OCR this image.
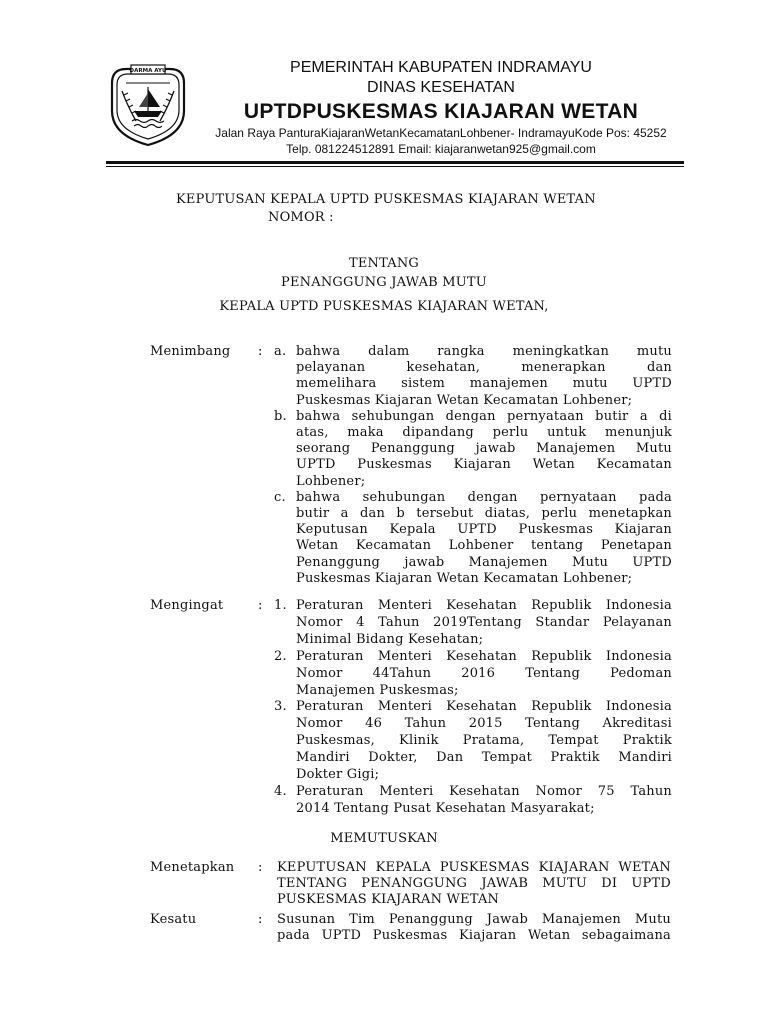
DARMA AYU	PEMERINTAH KABUPATEN INDRAMAYU
DINAS KESEHATAN
UPTDPUSKESMAS KIAJARAN WETAN
Jalan Raya PanturaKiajaranWetanKecamatanLohbener- IndramayuKode Pos: 45252
Telp. 081224512891 Email: kiajaranwetan925@gmail.com
KEPUTUSAN KEPALA UPTD PUSKESMAS KIAJARAN WETAN
NOMOR :
TENTANG
PENANGGUNG JAWAB MUTU
KEPALA UPTD PUSKESMAS KIAJARAN WETAN,
Menimbang : a. bahwa dalam rangka meningkatkan mutu
pelayanan kesehatan, menerapkan dan
memelihara sistem manajemen mutu UPTD
Puskesmas Kiajaran Wetan Kecamatan Lohbener;
b. bahwa sehubungan dengan pernyataan butir a di
atas, maka dipandang perlu untuk menunjuk
seorang Penanggung jawab Manajemen Mutu
UPTD Puskesmas Kiajaran Wetan Kecamatan
Lohbener;
c. bahwa sehubungan dengan pernyataan pada
butir a dan b tersebut diatas, perlu menetapkan
Keputusan Kepala UPTD Puskesmas Kiajaran
Wetan Kecamatan Lohbener tentang Penetapan
Penanggung jawab Manajemen Mutu UPTD
Puskesmas Kiajaran Wetan Kecamatan Lohbener;
Mengingat	: 1. Peraturan Menteri Kesehatan Republik Indonesia
Nomor 4 Tahun 2019Tentang Standar Pelayanan
Minimal Bidang Kesehatan;
2. Peraturan Menteri Kesehatan Republik Indonesia
Nomor 44Tahun 2016 Tentang Pedoman
Manajemen Puskesmas;
3. Peraturan Menteri Kesehatan Republik Indonesia
Nomor 46 Tahun 2015 Tentang Akreditasi
Puskesmas, Klinik Pratama, Tempat Praktik
Mandiri Dokter, Dan Tempat Praktik Mandiri
Dokter Gigi;
4. Peraturan Menteri Kesehatan Nomor 75 Tahun
2014 Tentang Pusat Kesehatan Masyarakat;
MEMUTUSKAN
Menetapkan : KEPUTUSAN KEPALA PUSKESMAS KIAJARAN WETAN
TENTANG PENANGGUNG JAWAB MUTU DI UPTD
PUSKESMAS KIAJARAN WETAN
Kesatu	: Susunan Tim Penanggung Jawab Manajemen Mutu
pada UPTD Puskesmas Kiajaran Wetan sebagaimana
